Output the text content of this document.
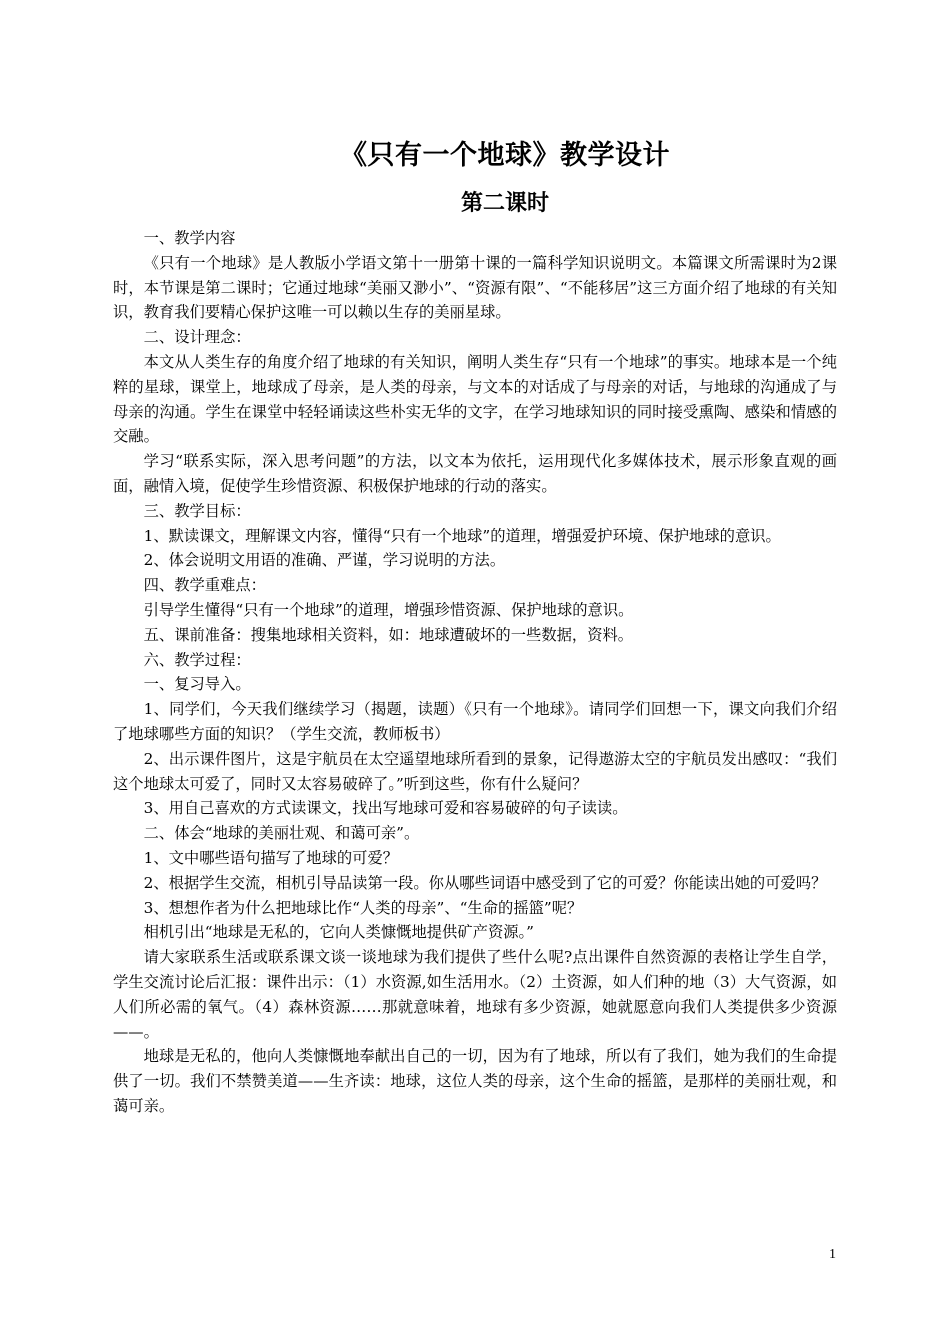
《只有一个地球》教学设计
第二课时

一、教学内容

《只有一个地球》是人教版小学语文第十一册第十课的一篇科学知识说明文。本篇课文所需课时为2课时，本节课是第二课时；它通过地球“美丽又渺小”、“资源有限”、“不能移居”这三方面介绍了地球的有关知识，教育我们要精心保护这唯一可以赖以生存的美丽星球。

二、设计理念：

本文从人类生存的角度介绍了地球的有关知识，阐明人类生存“只有一个地球”的事实。地球本是一个纯粹的星球，课堂上，地球成了母亲，是人类的母亲，与文本的对话成了与母亲的对话，与地球的沟通成了与母亲的沟通。学生在课堂中轻轻诵读这些朴实无华的文字，在学习地球知识的同时接受熏陶、感染和情感的交融。

学习“联系实际，深入思考问题”的方法，以文本为依托，运用现代化多媒体技术，展示形象直观的画面，融情入境，促使学生珍惜资源、积极保护地球的行动的落实。

三、教学目标：

1、默读课文，理解课文内容，懂得“只有一个地球”的道理，增强爱护环境、保护地球的意识。

2、体会说明文用语的准确、严谨，学习说明的方法。

四、教学重难点：

引导学生懂得“只有一个地球”的道理，增强珍惜资源、保护地球的意识。

五、课前准备：搜集地球相关资料，如：地球遭破坏的一些数据，资料。

六、教学过程：

一、复习导入。

1、同学们，今天我们继续学习（揭题，读题）《只有一个地球》。请同学们回想一下，课文向我们介绍了地球哪些方面的知识？（学生交流，教师板书）

2、出示课件图片，这是宇航员在太空遥望地球所看到的景象，记得遨游太空的宇航员发出感叹：“我们这个地球太可爱了，同时又太容易破碎了。”听到这些，你有什么疑问？

3、用自己喜欢的方式读课文，找出写地球可爱和容易破碎的句子读读。

二、体会“地球的美丽壮观、和蔼可亲”。

1、文中哪些语句描写了地球的可爱？

2、根据学生交流，相机引导品读第一段。你从哪些词语中感受到了它的可爱？你能读出她的可爱吗？

3、想想作者为什么把地球比作“人类的母亲”、“生命的摇篮”呢？

相机引出“地球是无私的，它向人类慷慨地提供矿产资源。”

请大家联系生活或联系课文谈一谈地球为我们提供了些什么呢?点出课件自然资源的表格让学生自学，学生交流讨论后汇报：课件出示：（1）水资源,如生活用水。（2）土资源，如人们种的地（3）大气资源，如人们所必需的氧气。（4）森林资源……那就意味着，地球有多少资源，她就愿意向我们人类提供多少资源——。

地球是无私的，他向人类慷慨地奉献出自己的一切，因为有了地球，所以有了我们，她为我们的生命提供了一切。我们不禁赞美道——生齐读：地球，这位人类的母亲，这个生命的摇篮，是那样的美丽壮观，和蔼可亲。

1
